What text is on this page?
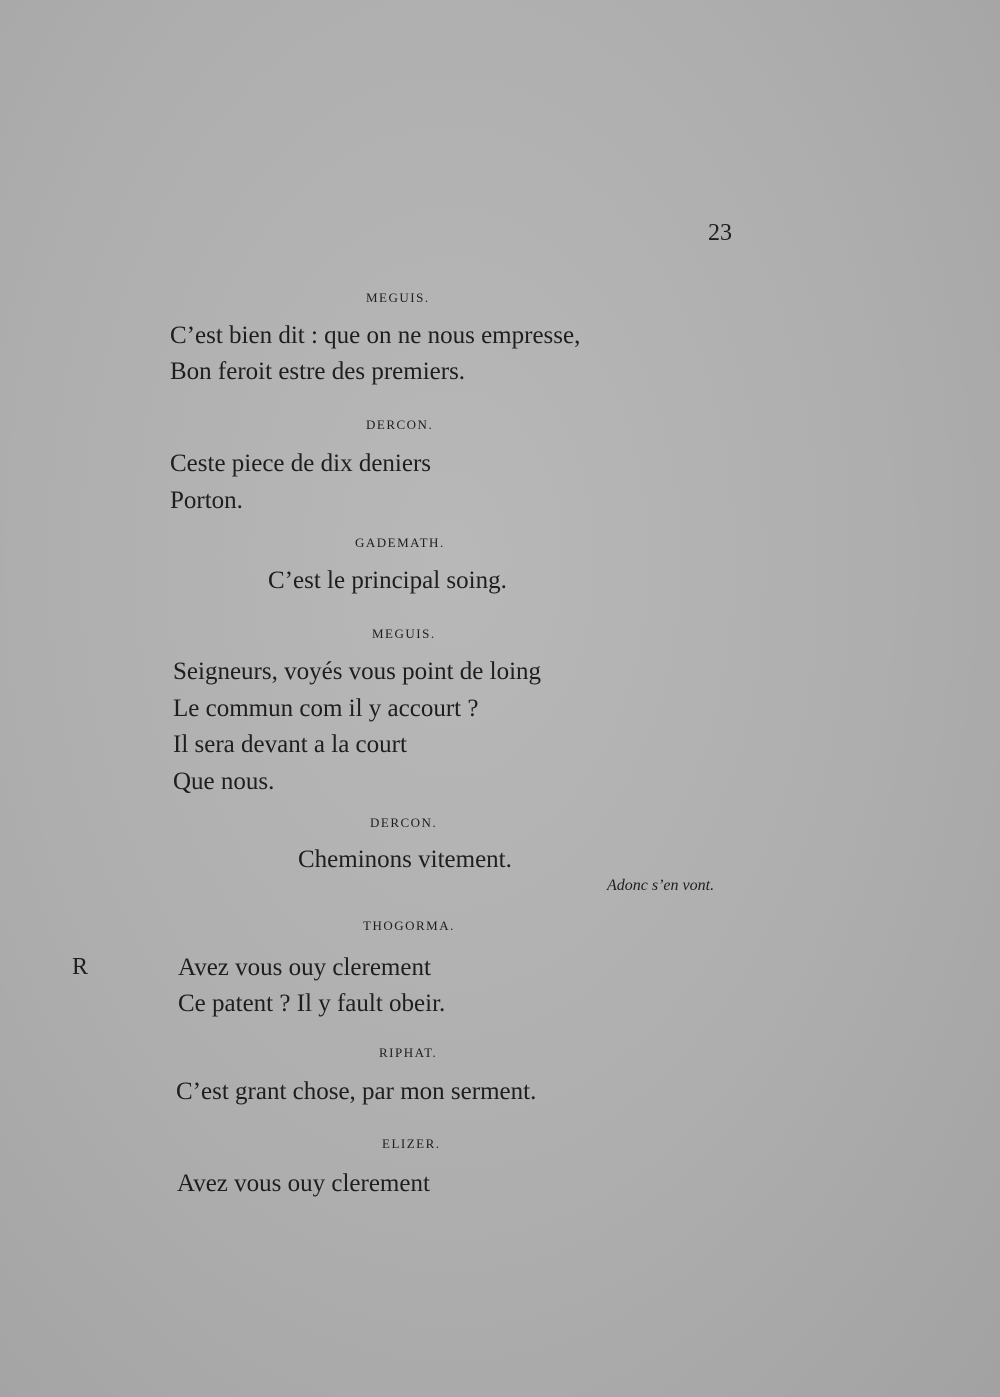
23
MEGUIS.
C’est bien dit : que on ne nous empresse,
Bon feroit estre des premiers.
DERCON.
Ceste piece de dix deniers
Porton.
GADEMATH.
C’est le principal soing.
MEGUIS.
Seigneurs, voyés vous point de loing
Le commun com il y accourt ?
Il sera devant a la court
Que nous.
DERCON.
Cheminons vitement.
Adonc s’en vont.
THOGORMA.
R	Avez vous ouy clerement
Ce patent ? Il y fault obeir.
RIPHAT.
C’est grant chose, par mon serment.
ELIZER.
Avez vous ouy clerement
